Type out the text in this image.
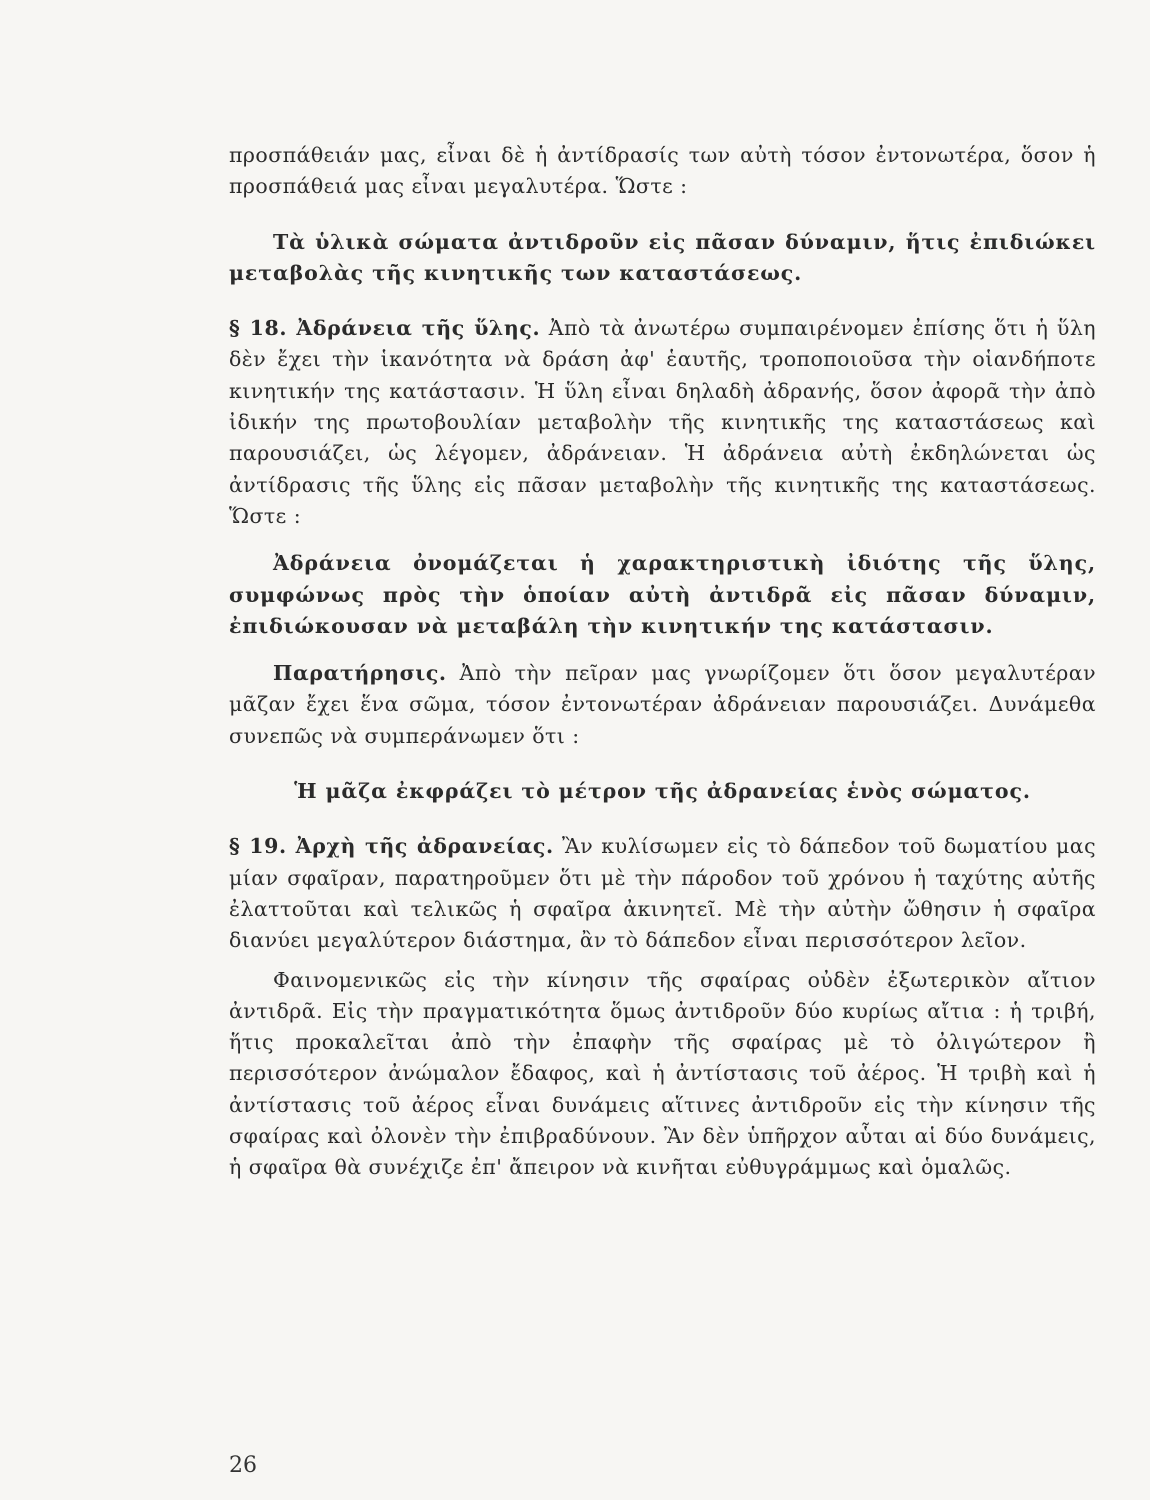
προσπάθειάν μας, εἶναι δὲ ἡ ἀντίδρασίς των αὐτὴ τόσον ἐντονωτέρα, ὅσον ἡ προσπάθειά μας εἶναι μεγαλυτέρα. Ὥστε :

Τὰ ὑλικὰ σώματα ἀντιδροῦν εἰς πᾶσαν δύναμιν, ἥτις ἐπιδιώκει μεταβολὰς τῆς κινητικῆς των καταστάσεως.

§ 18. Ἀδράνεια τῆς ὕλης. Ἀπὸ τὰ ἀνωτέρω συμπαιρένομεν ἐπίσης ὅτι ἡ ὕλη δὲν ἔχει τὴν ἱκανότητα νὰ δράση ἀφ' ἑαυτῆς, τροποποιοῦσα τὴν οἱανδήποτε κινητικήν της κατάστασιν. Ἡ ὕλη εἶναι δηλαδὴ ἀδρανής, ὅσον ἀφορᾶ τὴν ἀπὸ ἰδικήν της πρωτοβουλίαν μεταβολὴν τῆς κινητικῆς της καταστάσεως καὶ παρουσιάζει, ὡς λέγομεν, ἀδράνειαν. Ἡ ἀδράνεια αὐτὴ ἐκδηλώνεται ὡς ἀντίδρασις τῆς ὕλης εἰς πᾶσαν μεταβολὴν τῆς κινητικῆς της καταστάσεως. Ὥστε :

Ἀδράνεια ὀνομάζεται ἡ χαρακτηριστικὴ ἰδιότης τῆς ὕλης, συμφώνως πρὸς τὴν ὁποίαν αὐτὴ ἀντιδρᾶ εἰς πᾶσαν δύναμιν, ἐπιδιώκουσαν νὰ μεταβάλη τὴν κινητικήν της κατάστασιν.

Παρατήρησις. Ἀπὸ τὴν πεῖραν μας γνωρίζομεν ὅτι ὅσον μεγαλυτέραν μᾶζαν ἔχει ἕνα σῶμα, τόσον ἐντονωτέραν ἀδράνειαν παρουσιάζει. Δυνάμεθα συνεπῶς νὰ συμπεράνωμεν ὅτι :

Ἡ μᾶζα ἐκφράζει τὸ μέτρον τῆς ἀδρανείας ἑνὸς σώματος.

§ 19. Ἀρχὴ τῆς ἀδρανείας. Ἂν κυλίσωμεν εἰς τὸ δάπεδον τοῦ δωματίου μας μίαν σφαῖραν, παρατηροῦμεν ὅτι μὲ τὴν πάροδον τοῦ χρόνου ἡ ταχύτης αὐτῆς ἐλαττοῦται καὶ τελικῶς ἡ σφαῖρα ἀκινητεῖ. Μὲ τὴν αὐτὴν ὤθησιν ἡ σφαῖρα διανύει μεγαλύτερον διάστημα, ἂν τὸ δάπεδον εἶναι περισσότερον λεῖον.

Φαινομενικῶς εἰς τὴν κίνησιν τῆς σφαίρας οὐδὲν ἐξωτερικὸν αἴτιον ἀντιδρᾶ. Εἰς τὴν πραγματικότητα ὅμως ἀντιδροῦν δύο κυρίως αἴτια : ἡ τριβή, ἥτις προκαλεῖται ἀπὸ τὴν ἐπαφὴν τῆς σφαίρας μὲ τὸ ὀλιγώτερον ἢ περισσότερον ἀνώμαλον ἔδαφος, καὶ ἡ ἀντίστασις τοῦ ἀέρος. Ἡ τριβὴ καὶ ἡ ἀντίστασις τοῦ ἀέρος εἶναι δυνάμεις αἵτινες ἀντιδροῦν εἰς τὴν κίνησιν τῆς σφαίρας καὶ ὀλονὲν τὴν ἐπιβραδύνουν. Ἂν δὲν ὑπῆρχον αὗται αἱ δύο δυνάμεις, ἡ σφαῖρα θὰ συνέχιζε ἐπ' ἄπειρον νὰ κινῆται εὐθυγράμμως καὶ ὁμαλῶς.

26
